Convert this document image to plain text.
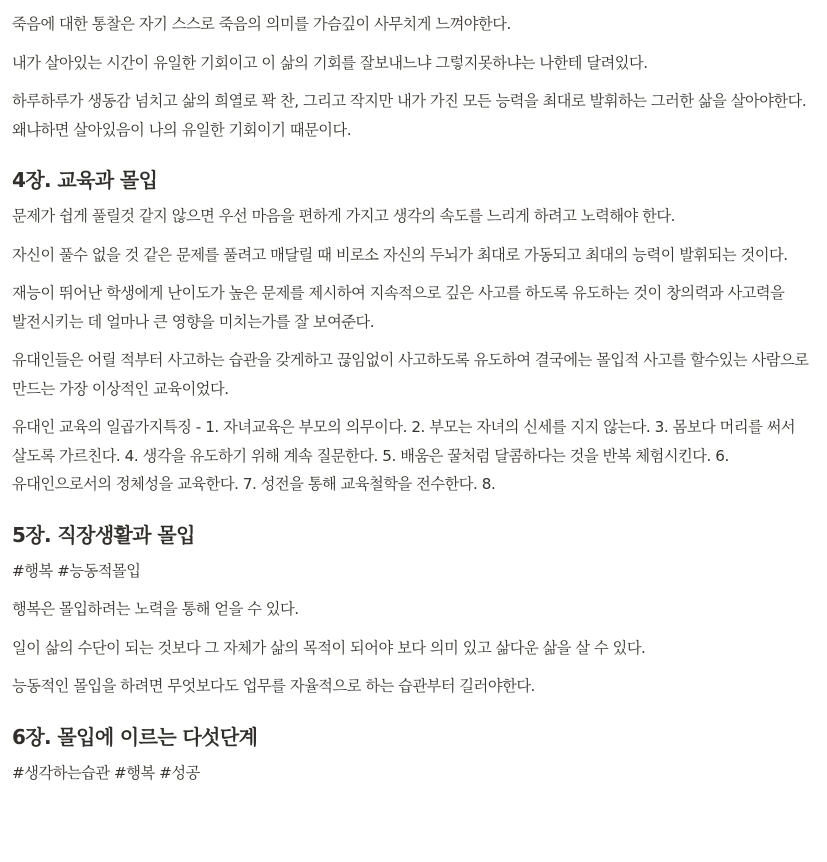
죽음에 대한 통찰은 자기 스스로 죽음의 의미를 가슴깊이 사무치게 느껴야한다.

내가 살아있는 시간이 유일한 기회이고 이 삶의 기회를 잘보내느냐 그렇지못하냐는 나한테 달려있다.

하루하루가 생동감 넘치고 삶의 희열로 꽉 찬, 그리고 작지만 내가 가진 모든 능력을 최대로 발휘하는 그러한 삶을 살아야한다. 왜냐하면 살아있음이 나의 유일한 기회이기 때문이다.

4장. 교육과 몰입

문제가 쉽게 풀릴것 같지 않으면 우선 마음을 편하게 가지고 생각의 속도를 느리게 하려고 노력해야 한다.

자신이 풀수 없을 것 같은 문제를 풀려고 매달릴 때 비로소 자신의 두뇌가 최대로 가동되고 최대의 능력이 발휘되는 것이다.

재능이 뛰어난 학생에게 난이도가 높은 문제를 제시하여 지속적으로 깊은 사고를 하도록 유도하는 것이 창의력과 사고력을 발전시키는 데 얼마나 큰 영향을 미치는가를 잘 보여준다.

유대인들은 어릴 적부터 사고하는 습관을 갖게하고 끊임없이 사고하도록 유도하여 결국에는 몰입적 사고를 할수있는 사람으로 만드는 가장 이상적인 교육이었다.

유대인 교육의 일곱가지특징 - 1. 자녀교육은 부모의 의무이다. 2. 부모는 자녀의 신세를 지지 않는다. 3. 몸보다 머리를 써서 살도록 가르친다. 4. 생각을 유도하기 위해 계속 질문한다. 5. 배움은 꿀처럼 달콤하다는 것을 반복 체험시킨다. 6. 유대인으로서의 정체성을 교육한다. 7. 성전을 통해 교육철학을 전수한다. 8.

5장. 직장생활과 몰입

#행복 #능동적몰입

행복은 몰입하려는 노력을 통해 얻을 수 있다.

일이 삶의 수단이 되는 것보다 그 자체가 삶의 목적이 되어야 보다 의미 있고 삶다운 삶을 살 수 있다.

능동적인 몰입을 하려면 무엇보다도 업무를 자율적으로 하는 습관부터 길러야한다.

6장. 몰입에 이르는 다섯단계

#생각하는습관 #행복 #성공
